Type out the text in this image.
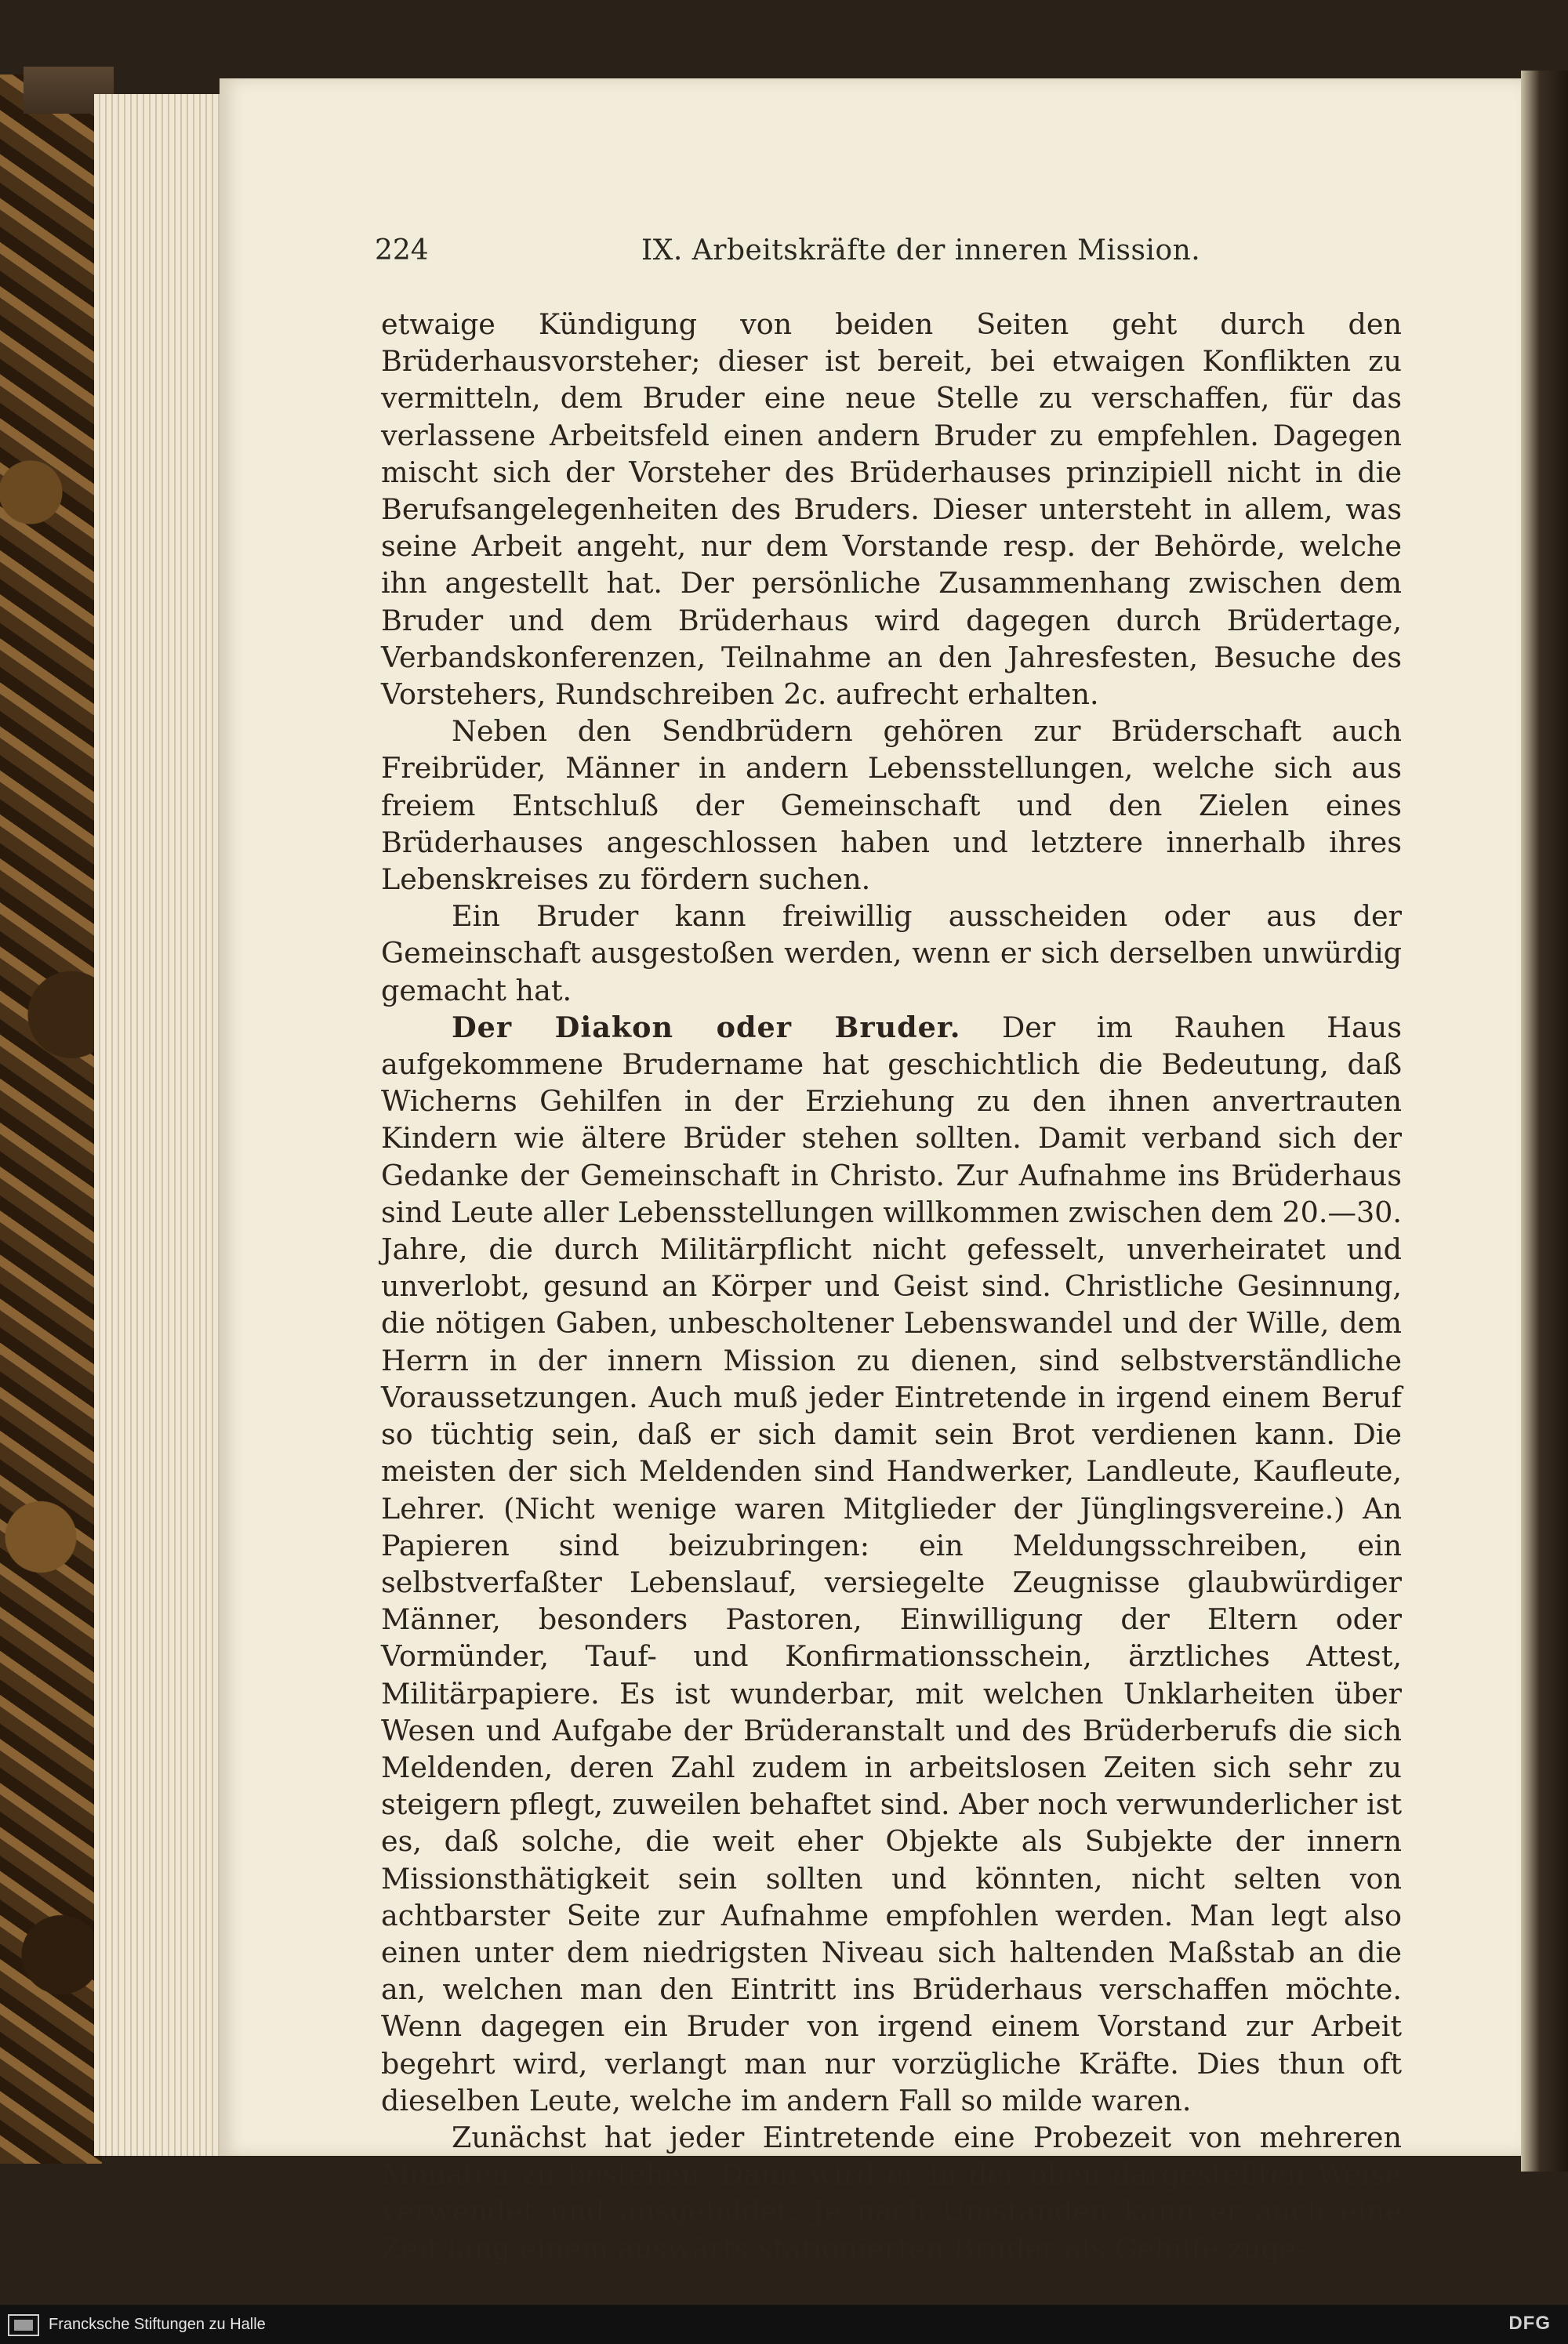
224	IX. Arbeitskräfte der inneren Mission.

etwaige Kündigung von beiden Seiten geht durch den Brüderhausvorsteher; dieser ist bereit, bei etwaigen Konflikten zu vermitteln, dem Bruder eine neue Stelle zu verschaffen, für das verlassene Arbeitsfeld einen andern Bruder zu empfehlen. Dagegen mischt sich der Vorsteher des Brüderhauses prinzipiell nicht in die Berufsangelegenheiten des Bruders. Dieser untersteht in allem, was seine Arbeit angeht, nur dem Vorstande resp. der Behörde, welche ihn angestellt hat. Der persönliche Zusammenhang zwischen dem Bruder und dem Brüderhaus wird dagegen durch Brüdertage, Verbandskonferenzen, Teilnahme an den Jahresfesten, Besuche des Vorstehers, Rundschreiben 2c. aufrecht erhalten.

Neben den Sendbrüdern gehören zur Brüderschaft auch Freibrüder, Männer in andern Lebensstellungen, welche sich aus freiem Entschluß der Gemeinschaft und den Zielen eines Brüderhauses angeschlossen haben und letztere innerhalb ihres Lebenskreises zu fördern suchen.

Ein Bruder kann freiwillig ausscheiden oder aus der Gemeinschaft ausgestoßen werden, wenn er sich derselben unwürdig gemacht hat.

Der Diakon oder Bruder. Der im Rauhen Haus aufgekommene Brudername hat geschichtlich die Bedeutung, daß Wicherns Gehilfen in der Erziehung zu den ihnen anvertrauten Kindern wie ältere Brüder stehen sollten. Damit verband sich der Gedanke der Gemeinschaft in Christo. Zur Aufnahme ins Brüderhaus sind Leute aller Lebensstellungen willkommen zwischen dem 20.—30. Jahre, die durch Militärpflicht nicht gefesselt, unverheiratet und unverlobt, gesund an Körper und Geist sind. Christliche Gesinnung, die nötigen Gaben, unbescholtener Lebenswandel und der Wille, dem Herrn in der innern Mission zu dienen, sind selbstverständliche Voraussetzungen. Auch muß jeder Eintretende in irgend einem Beruf so tüchtig sein, daß er sich damit sein Brot verdienen kann. Die meisten der sich Meldenden sind Handwerker, Landleute, Kaufleute, Lehrer. (Nicht wenige waren Mitglieder der Jünglingsvereine.) An Papieren sind beizubringen: ein Meldungsschreiben, ein selbstverfaßter Lebenslauf, versiegelte Zeugnisse glaubwürdiger Männer, besonders Pastoren, Einwilligung der Eltern oder Vormünder, Tauf- und Konfirmationsschein, ärztliches Attest, Militärpapiere. Es ist wunderbar, mit welchen Unklarheiten über Wesen und Aufgabe der Brüderanstalt und des Brüderberufs die sich Meldenden, deren Zahl zudem in arbeitslosen Zeiten sich sehr zu steigern pflegt, zuweilen behaftet sind. Aber noch verwunderlicher ist es, daß solche, die weit eher Objekte als Subjekte der innern Missionsthätigkeit sein sollten und könnten, nicht selten von achtbarster Seite zur Aufnahme empfohlen werden. Man legt also einen unter dem niedrigsten Niveau sich haltenden Maßstab an die an, welchen man den Eintritt ins Brüderhaus verschaffen möchte. Wenn dagegen ein Bruder von irgend einem Vorstand zur Arbeit begehrt wird, verlangt man nur vorzügliche Kräfte. Dies thun oft dieselben Leute, welche im andern Fall so milde waren.

Zunächst hat jeder Eintretende eine Probezeit von mehreren Monaten zu bestehen. Dann wird er in der oben dargestellten Weise verwendet und ausgebildet. Je nach Umständen kann er auch eine Zeit lang einem auswärts stationierten Bruder als Gehilfe zuge-

Francksche Stiftungen zu Halle	DFG
